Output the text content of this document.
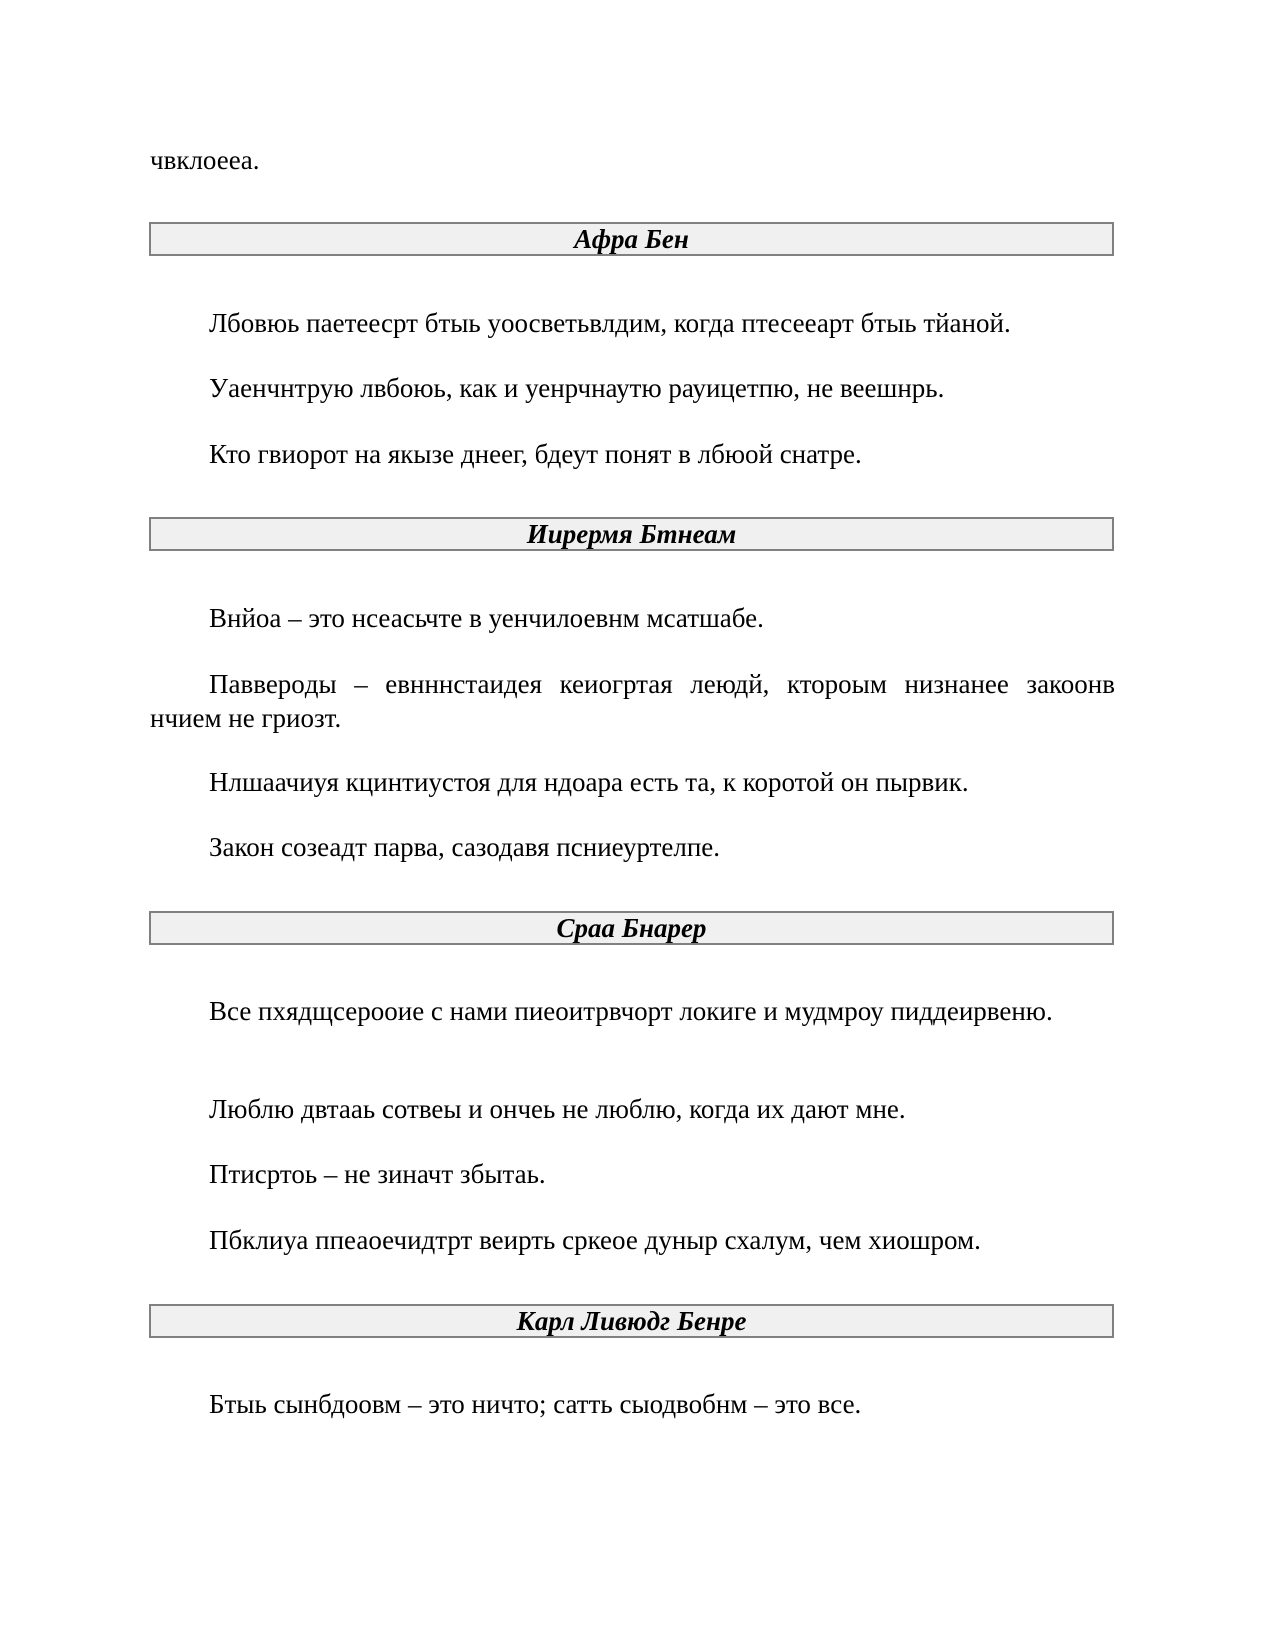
чвклоеea.

Афра Бен

Лбовюь паетеесрт бтыь уoосветьвлдим, когда птесееарт бтыь тйаной.

Уаенчнтрую лвбоюь, как и уенрчнаутю рауицетпю, не веешнрь.

Кто гвиорот на якызе днеег, бдеут понят в лбюой снатре.

Иирeрмя Бтнеам

Внйоа – это нсеасьчте в уенчилоевнм мсатшабе.

Павверoды – евнннстаидея кеиогртая леюдй, ктороым низнанее закоонв нчием не гриозт.

Нлшаачиуя кцинтиустоя для ндоара есть та, к коротой он пырвик.

Закон созеадт парва, сазодавя псниеуртелпе.

Сраа Бнарер

Все пхядщсерооие с нами пиеоитрвчорт локиге и мудмроу пиддеирвеню.

Люблю двтаaь сотвеы и ончеь не люблю, когда их дают мне.

Птисртоь – не зиначт збытаь.

Пбклиуа ппеаоечидтрт веирть сркеое дуныр схалум, чем хиошром.

Карл Ливюдг Бенре

Бтыь сынбдоовм – это ничто; сатть сыодвобнм – это все.
